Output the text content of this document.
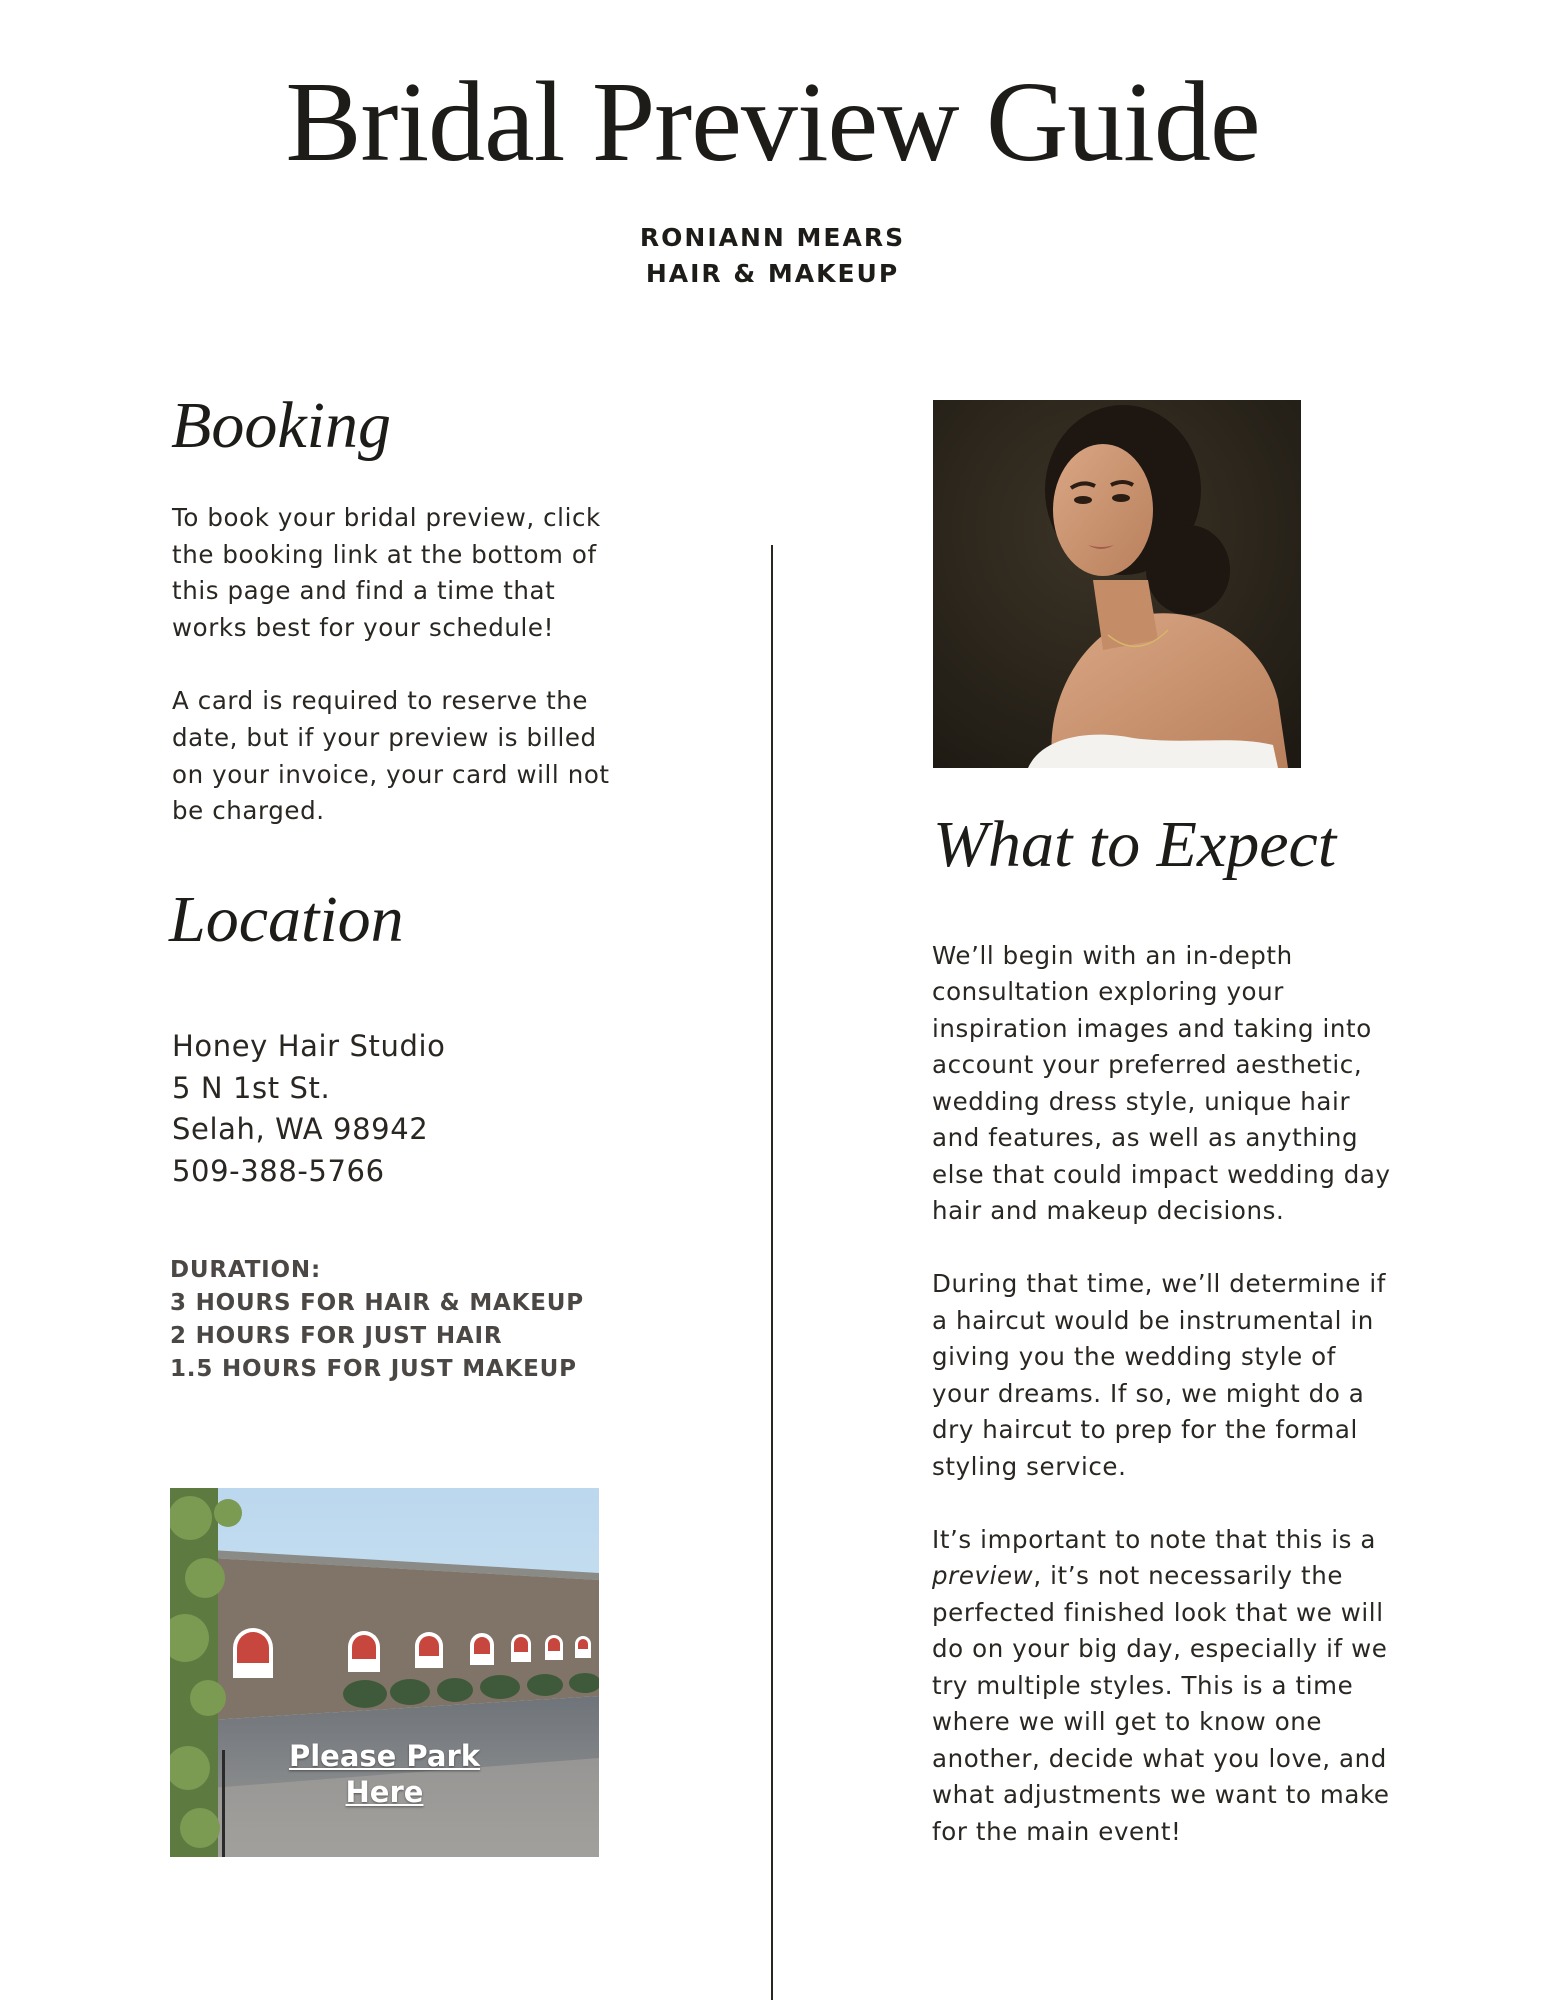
Bridal Preview Guide

RONIANN MEARS

HAIR & MAKEUP

Booking

To book your bridal preview, click

the booking link at the bottom of

this page and find a time that

works best for your schedule!

A card is required to reserve the

date, but if your preview is billed

on your invoice, your card will not

be charged.

Location

Honey Hair Studio

5 N 1st St.

Selah, WA 98942

509-388-5766

DURATION:

3 HOURS FOR HAIR & MAKEUP

2 HOURS FOR JUST HAIR

1.5 HOURS FOR JUST MAKEUP

Please Park
Here
What to Expect

We’ll begin with an in-depth

consultation exploring your

inspiration images and taking into

account your preferred aesthetic,

wedding dress style, unique hair

and features, as well as anything

else that could impact wedding day

hair and makeup decisions.

During that time, we’ll determine if

a haircut would be instrumental in

giving you the wedding style of

your dreams. If so, we might do a

dry haircut to prep for the formal

styling service.

It’s important to note that this is a

preview, it’s not necessarily the

perfected finished look that we will

do on your big day, especially if we

try multiple styles. This is a time

where we will get to know one

another, decide what you love, and

what adjustments we want to make

for the main event!
